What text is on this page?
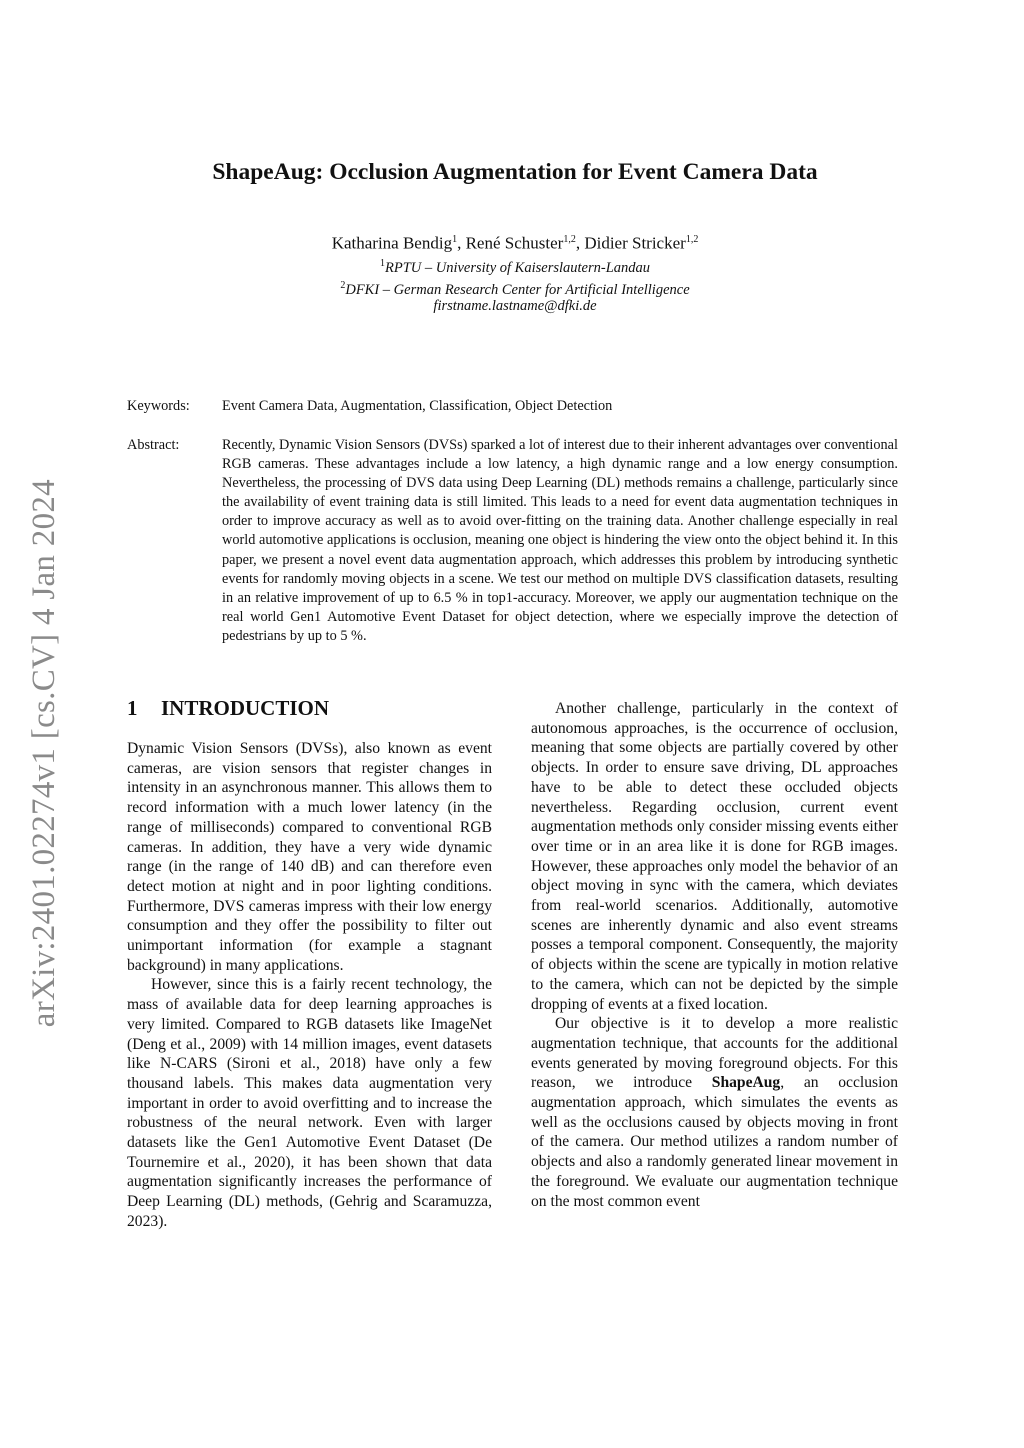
arXiv:2401.02274v1 [cs.CV] 4 Jan 2024
ShapeAug: Occlusion Augmentation for Event Camera Data
Katharina Bendig$^1$, René Schuster$^{1,2}$, Didier Stricker$^{1,2}$
$^1$RPTU – University of Kaiserslautern-Landau
$^2$DFKI – German Research Center for Artificial Intelligence
firstname.lastname@dfki.de
Keywords: Event Camera Data, Augmentation, Classification, Object Detection
Abstract:	Recently, Dynamic Vision Sensors (DVSs) sparked a lot of interest due to their inherent advantages over conventional RGB cameras. These advantages include a low latency, a high dynamic range and a low energy consumption. Nevertheless, the processing of DVS data using Deep Learning (DL) methods remains a challenge, particularly since the availability of event training data is still limited. This leads to a need for event data augmentation techniques in order to improve accuracy as well as to avoid over-fitting on the training data. Another challenge especially in real world automotive applications is occlusion, meaning one object is hindering the view onto the object behind it. In this paper, we present a novel event data augmentation approach, which addresses this problem by introducing synthetic events for randomly moving objects in a scene. We test our method on multiple DVS classification datasets, resulting in an relative improvement of up to 6.5 % in top1-accuracy. Moreover, we apply our augmentation technique on the real world Gen1 Automotive Event Dataset for object detection, where we especially improve the detection of pedestrians by up to 5 %.
1 INTRODUCTION

Dynamic Vision Sensors (DVSs), also known as event cameras, are vision sensors that register changes in intensity in an asynchronous manner. This allows them to record information with a much lower latency (in the range of milliseconds) compared to conventional RGB cameras. In addition, they have a very wide dynamic range (in the range of 140 dB) and can therefore even detect motion at night and in poor lighting conditions. Furthermore, DVS cameras impress with their low energy consumption and they offer the possibility to filter out unimportant information (for example a stagnant background) in many applications.

However, since this is a fairly recent technology, the mass of available data for deep learning approaches is very limited. Compared to RGB datasets like ImageNet (Deng et al., 2009) with 14 million images, event datasets like N-CARS (Sironi et al., 2018) have only a few thousand labels. This makes data augmentation very important in order to avoid overfitting and to increase the robustness of the neural network. Even with larger datasets like the Gen1 Automotive Event Dataset (De Tournemire et al., 2020), it has been shown that data augmentation significantly increases the performance of Deep Learning (DL) methods, (Gehrig and Scaramuzza, 2023).

Another challenge, particularly in the context of autonomous approaches, is the occurrence of occlusion, meaning that some objects are partially covered by other objects. In order to ensure save driving, DL approaches have to be able to detect these occluded objects nevertheless. Regarding occlusion, current event augmentation methods only consider missing events either over time or in an area like it is done for RGB images. However, these approaches only model the behavior of an object moving in sync with the camera, which deviates from real-world scenarios. Additionally, automotive scenes are inherently dynamic and also event streams posses a temporal component. Consequently, the majority of objects within the scene are typically in motion relative to the camera, which can not be depicted by the simple dropping of events at a fixed location.

Our objective is it to develop a more realistic augmentation technique, that accounts for the additional events generated by moving foreground objects. For this reason, we introduce ShapeAug, an occlusion augmentation approach, which simulates the events as well as the occlusions caused by objects moving in front of the camera. Our method utilizes a random number of objects and also a randomly generated linear movement in the foreground. We evaluate our augmentation technique on the most common event
